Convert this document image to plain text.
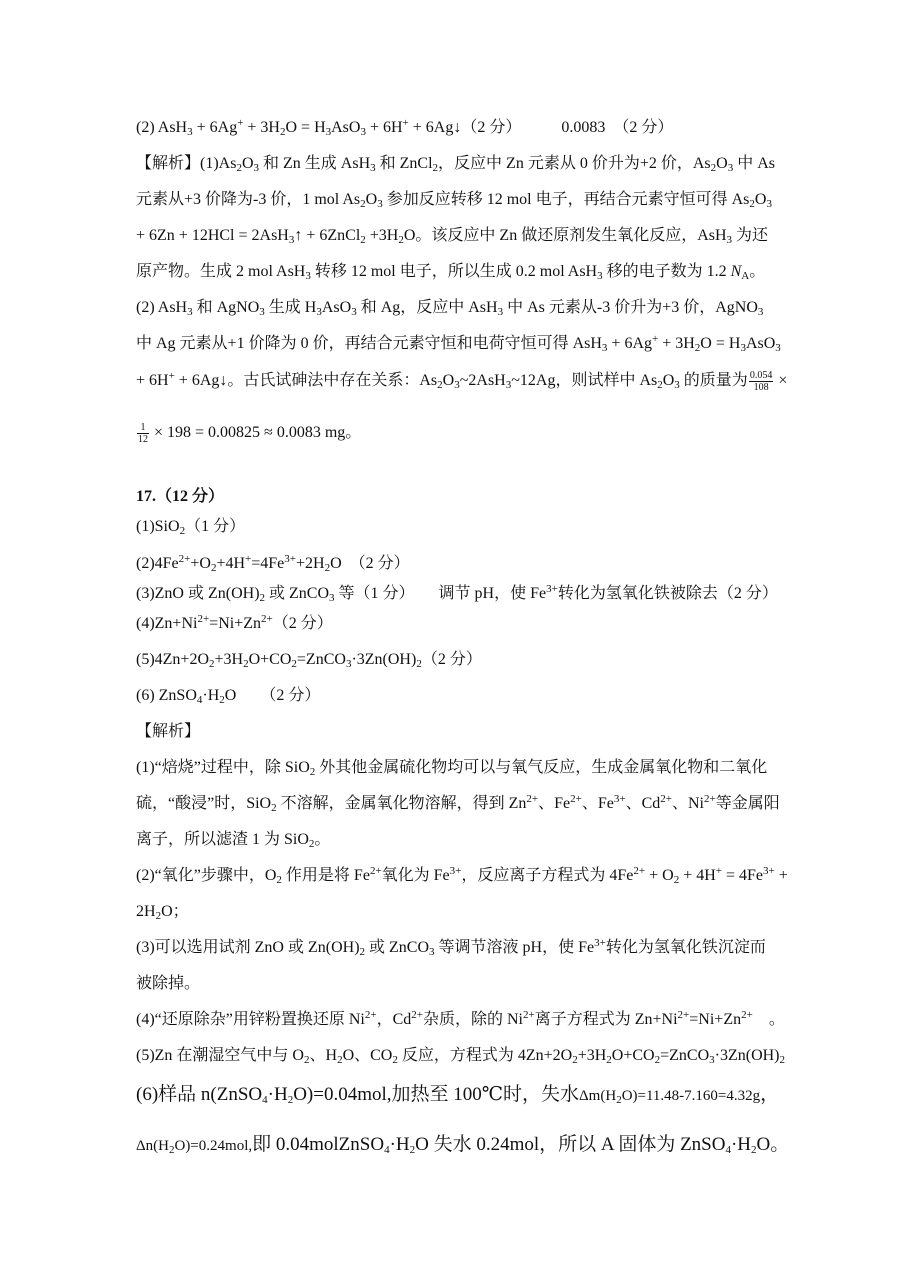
(2) $AsH_3 + 6Ag^+ + 3H_2O = H_3AsO_3 + 6H^+$ + 6Ag↓（2 分）　　　0.0083　（2 分）
【解析】$(1)As_2O_3$ 和 Zn 生成 AsH$_3$ 和 ZnCl$_2$，反应中 Zn 元素从 0 价升为+2 价，$As_2O_3$ 中 As
元素从+3 价降为-3 价，1 mol $As_2O_3$ 参加反应转移 12 mol 电子，再结合元素守恒可得 $As_2O_3$
+ 6Zn + 12HCl = 2AsH$_3$↑ + 6ZnCl$_2$ $+3H_2O$。该反应中 Zn 做还原剂发生氧化反应，AsH$_3$ 为还
原产物。生成 2 mol AsH$_3$ 转移 12 mol 电子，所以生成 0.2 mol AsH$_3$ 移的电子数为 1.2 $N_A$。
(2) AsH$_3$ 和 AgNO$_3$ 生成 $H_3AsO_3$ 和 Ag，反应中 AsH$_3$ 中 As 元素从-3 价升为+3 价，AgNO$_3$
中 Ag 元素从+1 价降为 0 价，再结合元素守恒和电荷守恒可得 $AsH_3 + 6Ag^+ + 3H_2O = H_3AsO_3$
+ 6H+ + 6Ag↓。古氏试砷法中存在关系：$As_2O_3\sim 2AsH_3\sim 12Ag$，则试样中 $As_2O_3$ 的质量为 $\frac{0.054}{108}$ ×
$\frac{1}{12} \times 198 = 0.00825 \approx 0.0083$ mg。
17.（12 分）
(1)SiO$_2$（1 分）
$(2)4Fe^{2+}+O_2+4H^+=4Fe^{3+}+2H_2O$　（2 分）
(3)ZnO 或 $Zn(OH)_2$ 或 ZnCO$_3$ 等（1 分）　　调节 pH，使 $Fe^{3+}$转化为氢氧化铁被除去（2 分）
$(4)Zn+Ni^{2+}=Ni+Zn^{2+}(2$ 分）
$(5)4Zn+2O_2+3H_2O+CO_2=ZnCO_3\cdot 3Zn(OH)_2(2$ 分）
(6) $ZnSO_4\cdot H_2O$　　（2 分）
【解析】
(1)“焙烧”过程中，除 SiO$_2$ 外其他金属硫化物均可以与氧气反应，生成金属氧化物和二氧化
硫，“酸浸”时，SiO$_2$ 不溶解，金属氧化物溶解，得到 $Zn^{2+}$、$Fe^{2+}$、$Fe^{3+}$、$Cd^{2+}$、$Ni^{2+}$等金属阳
离子，所以滤渣 1 为 SiO$_2$。
(2)“氧化”步骤中，$O_2$ 作用是将 $Fe^{2+}$氧化为 $Fe^{3+}$，反应离子方程式为 $4Fe^{2+} + O_2 + 4H^+ = 4Fe^{3+}$ +
$2H_2O$；
(3)可以选用试剂 ZnO 或 $Zn(OH)_2$ 或 ZnCO$_3$ 等调节溶液 pH，使 $Fe^{3+}$转化为氢氧化铁沉淀而
被除掉。
(4)“还原除杂”用锌粉置换还原 $Ni^{2+}$，$Cd^{2+}$杂质，除的 $Ni^{2+}$离子方程式为 $Zn+Ni^{2+}=Ni+Zn^{2+}$　。
(5)Zn 在潮湿空气中与 $O_2$、$H_2O$、$CO_2$ 反应，方程式为 $4Zn+2O_2+3H_2O+CO_2=ZnCO_3\cdot 3Zn(OH)_2$
(6)样品 $n(ZnSO_4\cdot H_2O)=0.04mol$,加热至 100℃时，失水$\Delta m(H_2O)=11.48-7.160=4.32g$，
$\Delta n(H_2O)=0.24mol$,即 $0.04molZnSO_4\cdot H_2O$ 失水 0.24mol，所以 A 固体为 $ZnSO_4\cdot H_2O$。
